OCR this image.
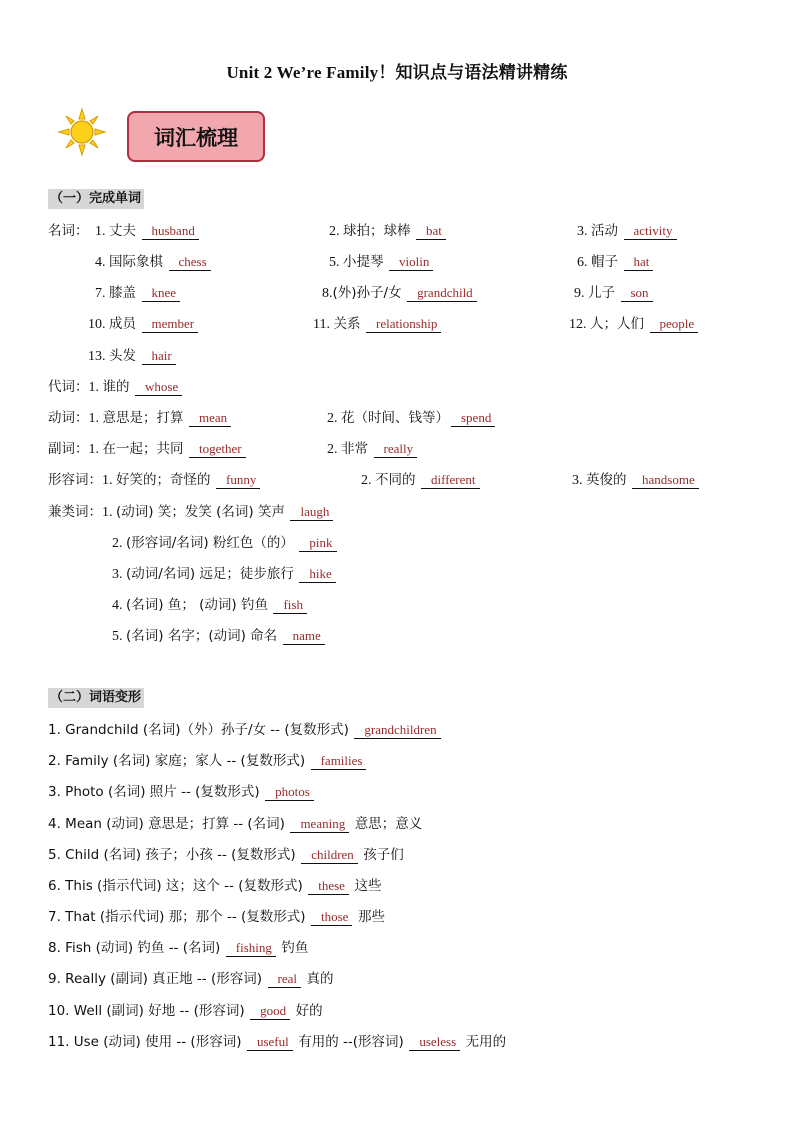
Unit 2 We’re Family！知识点与语法精讲精练
词汇梳理
（一）完成单词
名词： 1. 丈夫 husband	2. 球拍；球棒 bat	3. 活动 activity
4. 国际象棋 chess	5. 小提琴 violin	6. 帽子 hat
7. 膝盖 knee	8.(外)孙子/女 grandchild	9. 儿子 son
10. 成员 member	11. 关系 relationship	12. 人；人们 people
13. 头发 hair
代词：1. 谁的 whose
动词：1. 意思是；打算 mean	2. 花（时间、钱等） spend
副词：1. 在一起；共同 together	2. 非常 really
形容词：1. 好笑的；奇怪的 funny	2. 不同的 different	3. 英俊的 handsome
兼类词：1. (动词) 笑；发笑 (名词) 笑声 laugh
2. (形容词/名词) 粉红色（的） pink
3. (动词/名词) 远足；徒步旅行 hike
4. (名词) 鱼； (动词) 钓鱼 fish
5. (名词) 名字；(动词) 命名 name
（二）词语变形
1. Grandchild (名词)（外）孙子/女 -- (复数形式) grandchildren
2. Family (名词) 家庭；家人 -- (复数形式) families
3. Photo (名词) 照片 -- (复数形式) photos
4. Mean (动词) 意思是；打算 -- (名词) meaning 意思；意义
5. Child (名词) 孩子；小孩 -- (复数形式) children 孩子们
6. This (指示代词) 这；这个 -- (复数形式) these 这些
7. That (指示代词) 那；那个 -- (复数形式) those 那些
8. Fish (动词) 钓鱼 -- (名词) fishing 钓鱼
9. Really (副词) 真正地 -- (形容词) real 真的
10. Well (副词) 好地 -- (形容词) good 好的
11. Use (动词) 使用 -- (形容词) useful 有用的 --(形容词) useless 无用的
